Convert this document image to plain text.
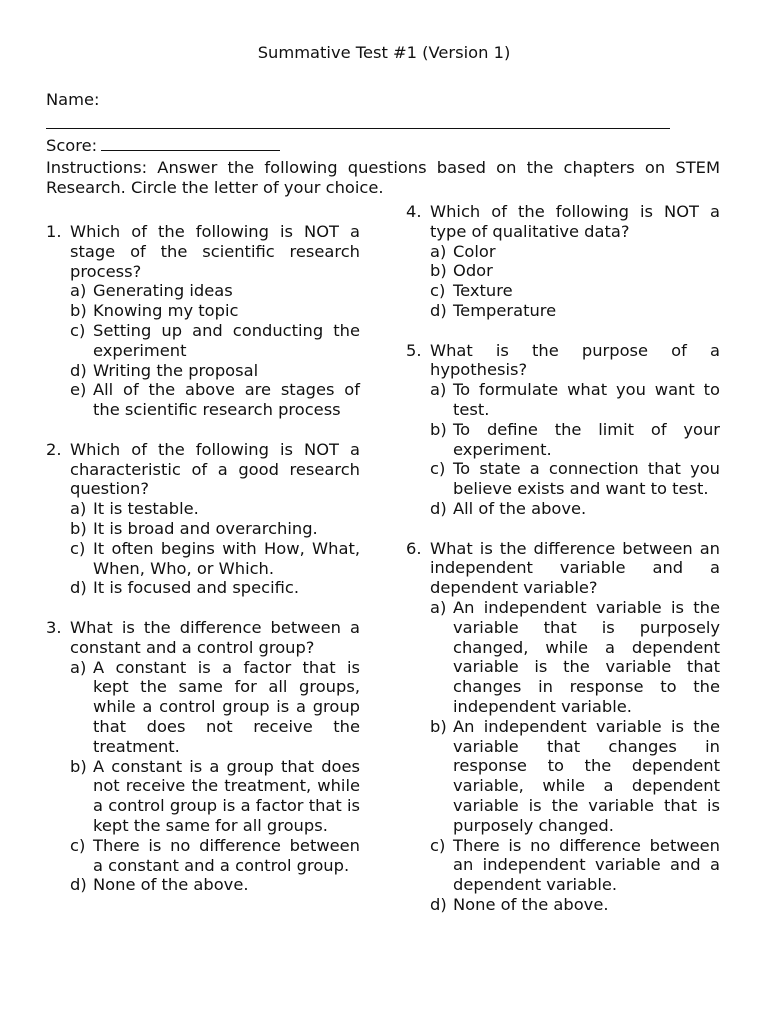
Summative Test #1 (Version 1)
Name:
Score:
Instructions: Answer the following questions based on the chapters on STEM Research. Circle the letter of your choice.
1. Which of the following is NOT a stage of the scientific research process?
a) Generating ideas
b) Knowing my topic
c) Setting up and conducting the experiment
d) Writing the proposal
e) All of the above are stages of the scientific research process
2. Which of the following is NOT a characteristic of a good research question?
a) It is testable.
b) It is broad and overarching.
c) It often begins with How, What, When, Who, or Which.
d) It is focused and specific.
3. What is the difference between a constant and a control group?
a) A constant is a factor that is kept the same for all groups, while a control group is a group that does not receive the treatment.
b) A constant is a group that does not receive the treatment, while a control group is a factor that is kept the same for all groups.
c) There is no difference between a constant and a control group.
d) None of the above.
4. Which of the following is NOT a type of qualitative data?
a) Color
b) Odor
c) Texture
d) Temperature
5. What is the purpose of a hypothesis?
a) To formulate what you want to test.
b) To define the limit of your experiment.
c) To state a connection that you believe exists and want to test.
d) All of the above.
6. What is the difference between an independent variable and a dependent variable?
a) An independent variable is the variable that is purposely changed, while a dependent variable is the variable that changes in response to the independent variable.
b) An independent variable is the variable that changes in response to the dependent variable, while a dependent variable is the variable that is purposely changed.
c) There is no difference between an independent variable and a dependent variable.
d) None of the above.
